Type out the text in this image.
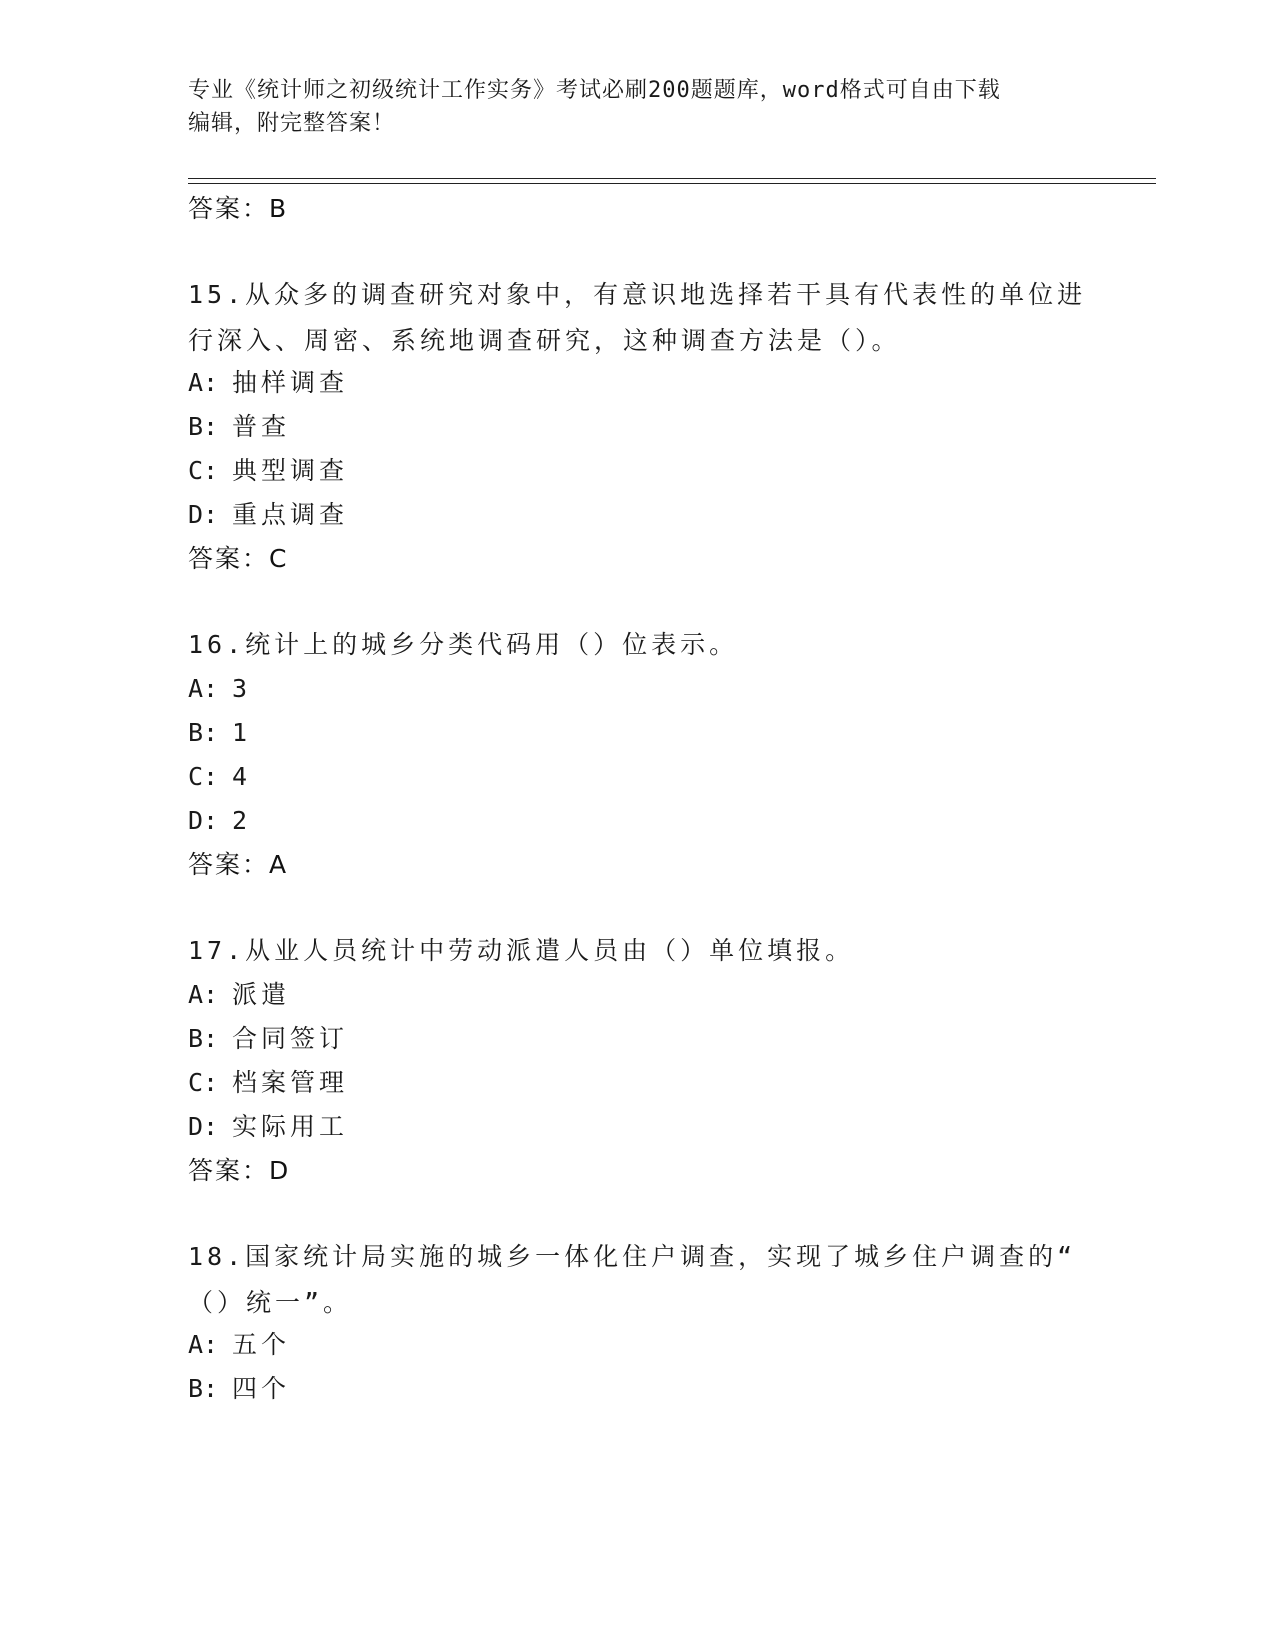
专业《统计师之初级统计工作实务》考试必刷200题题库，word格式可自由下载
编辑，附完整答案！
答案：B
15.从众多的调查研究对象中，有意识地选择若干具有代表性的单位进
行深入、周密、系统地调查研究，这种调查方法是（）。
A: 抽样调查
B: 普查
C: 典型调查
D: 重点调查
答案：C
16.统计上的城乡分类代码用（）位表示。
A: 3
B: 1
C: 4
D: 2
答案：A
17.从业人员统计中劳动派遣人员由（）单位填报。
A: 派遣
B: 合同签订
C: 档案管理
D: 实际用工
答案：D
18.国家统计局实施的城乡一体化住户调查，实现了城乡住户调查的“
（）统一”。
A: 五个
B: 四个
